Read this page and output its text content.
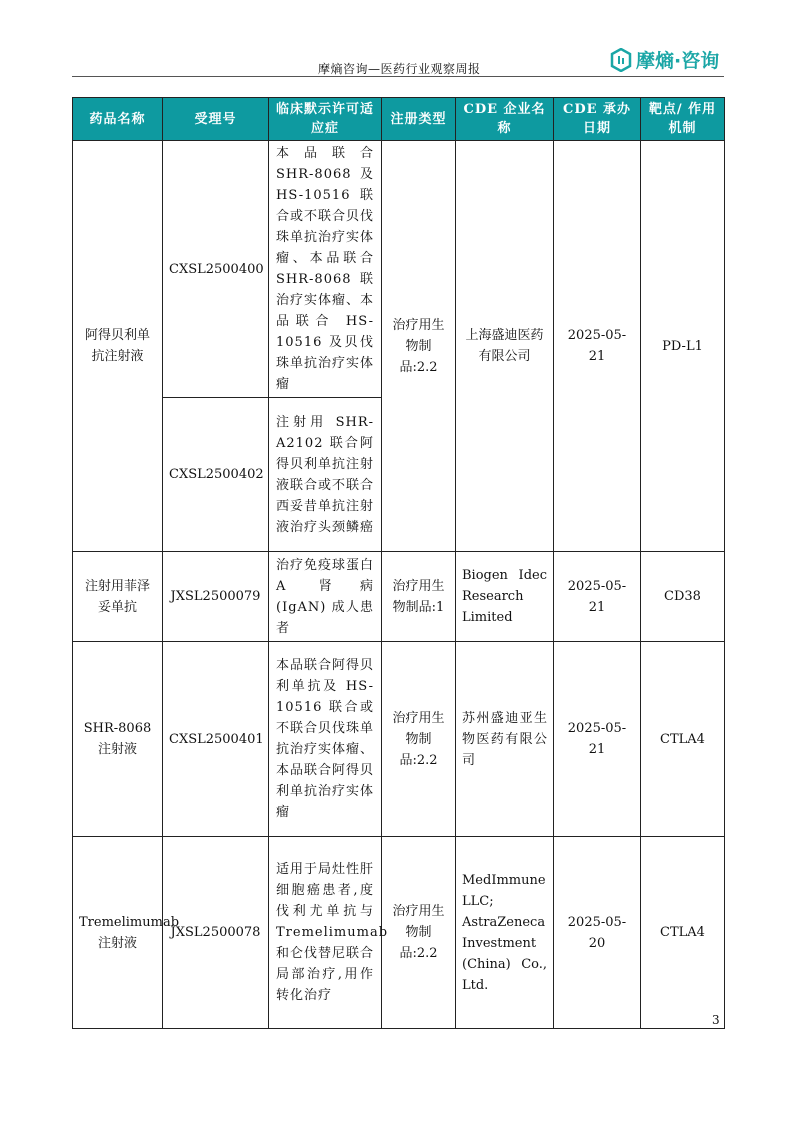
摩熵咨询—医药行业观察周报	摩熵·咨询
药品名称	受理号	临床默示许可适应症	注册类型	CDE 企业名称	CDE 承办日期	靶点/ 作用机制
阿得贝利单抗注射液	CXSL2500400	本品联合 SHR-8068 及 HS-10516 联合或不联合贝伐珠单抗治疗实体瘤、本品联合 SHR-8068 联治疗实体瘤、本品联合 HS-10516 及贝伐珠单抗治疗实体瘤	治疗用生物制品:2.2	上海盛迪医药有限公司	2025-05-21	PD-L1
	CXSL2500402	注射用 SHR-A2102 联合阿得贝利单抗注射液联合或不联合西妥昔单抗注射液治疗头颈鳞癌				
注射用菲泽妥单抗	JXSL2500079	治疗免疫球蛋白 A 肾病 (IgAN) 成人患者	治疗用生物制品:1	Biogen Idec Research Limited	2025-05-21	CD38
SHR-8068 注射液	CXSL2500401	本品联合阿得贝利单抗及 HS-10516 联合或不联合贝伐珠单抗治疗实体瘤、本品联合阿得贝利单抗治疗实体瘤	治疗用生物制品:2.2	苏州盛迪亚生物医药有限公司	2025-05-21	CTLA4
Tremelimumab 注射液	JXSL2500078	适用于局灶性肝细胞癌患者,度伐利尤单抗与 Tremelimumab 和仑伐替尼联合局部治疗,用作转化治疗	治疗用生物制品:2.2	MedImmune LLC; AstraZeneca Investment (China) Co., Ltd.	2025-05-20	CTLA4
3
